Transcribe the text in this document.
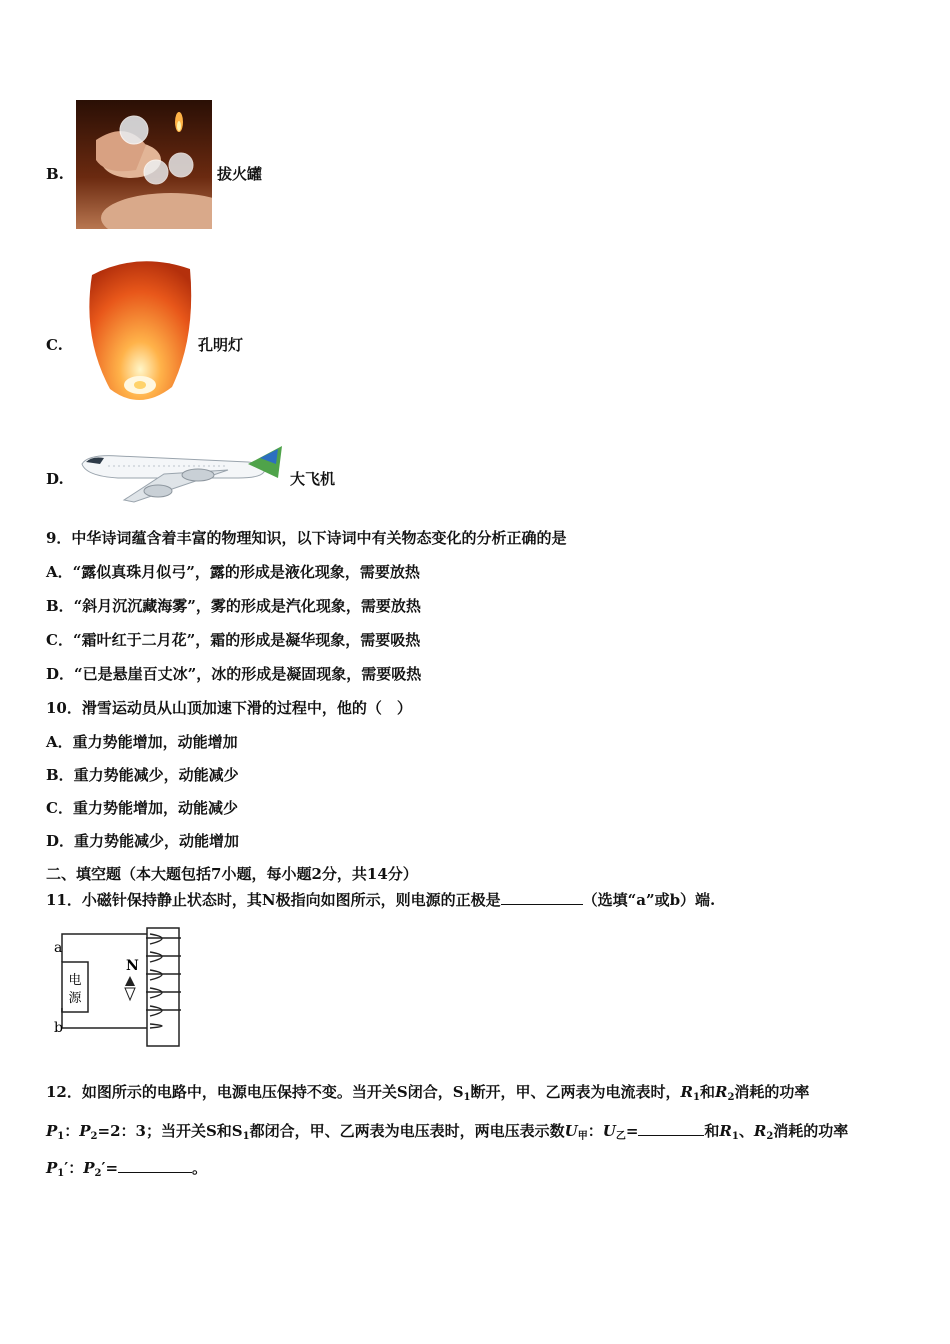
B.	拔火罐
C.	孔明灯
D.	大飞机
9．中华诗词蕴含着丰富的物理知识，以下诗词中有关物态变化的分析正确的是
A．“露似真珠月似弓”，露的形成是液化现象，需要放热
B．“斜月沉沉藏海雾”，雾的形成是汽化现象，需要放热
C．“霜叶红于二月花”，霜的形成是凝华现象，需要吸热
D．“已是悬崖百丈冰”，冰的形成是凝固现象，需要吸热
10．滑雪运动员从山顶加速下滑的过程中，他的（　）
A．重力势能增加，动能增加
B．重力势能减少，动能减少
C．重力势能增加，动能减少
D．重力势能减少，动能增加
二、填空题（本大题包括7小题，每小题2分，共14分）
11．小磁针保持静止状态时，其N极指向如图所示，则电源的正极是	（选填“a”或b）端.
电
源
a
b
N
12．如图所示的电路中，电源电压保持不变。当开关S闭合，$S_1$断开，甲、乙两表为电流表时，$R_1$和$R_2$消耗的功率
$P_1$：$P_2=2$：3；当开关S和$S_1$都闭合，甲、乙两表为电压表时，两电压表示数$U_甲$：$U_乙=$	和$R_1$、$R_2$消耗的功率
$P_1'$：$P_2'=$	。
